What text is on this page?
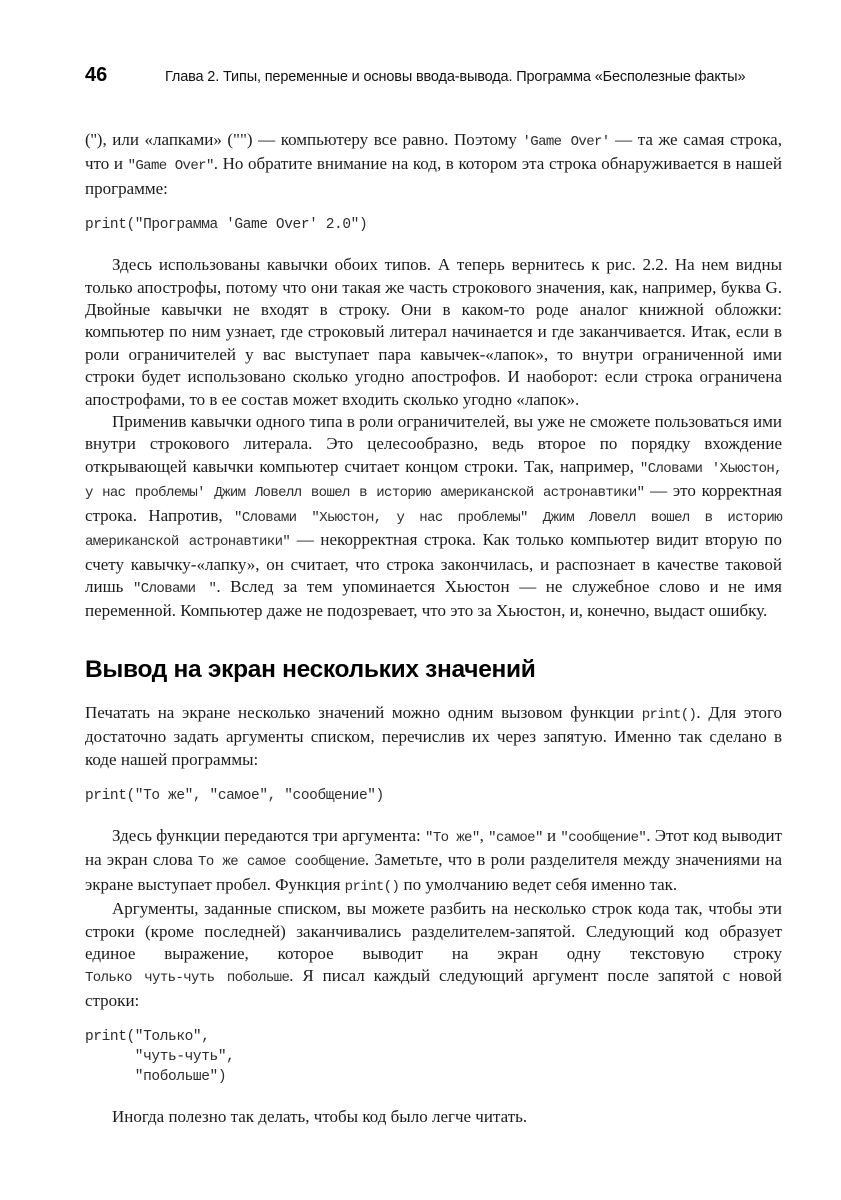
46	Глава 2. Типы, переменные и основы ввода-вывода. Программа «Бесполезные факты»

(''), или «лапками» ("") — компьютеру все равно. Поэтому 'Game Over' — та же самая строка, что и "Game Over". Но обратите внимание на код, в котором эта строка обнаруживается в нашей программе:

print("Программа 'Game Over' 2.0")

Здесь использованы кавычки обоих типов. А теперь вернитесь к рис. 2.2. На нем видны только апострофы, потому что они такая же часть строкового значения, как, например, буква G. Двойные кавычки не входят в строку. Они в каком-то роде аналог книжной обложки: компьютер по ним узнает, где строковый литерал начинается и где заканчивается. Итак, если в роли ограничителей у вас выступает пара кавычек-«лапок», то внутри ограниченной ими строки будет использовано сколько угодно апострофов. И наоборот: если строка ограничена апострофами, то в ее состав может входить сколько угодно «лапок».

Применив кавычки одного типа в роли ограничителей, вы уже не сможете пользоваться ими внутри строкового литерала. Это целесообразно, ведь второе по порядку вхождение открывающей кавычки компьютер считает концом строки. Так, например, "Словами 'Хьюстон, у нас проблемы' Джим Ловелл вошел в историю американской астронавтики" — это корректная строка. Напротив, "Словами "Хьюстон, у нас проблемы" Джим Ловелл вошел в историю американской астронавтики" — некорректная строка. Как только компьютер видит вторую по счету кавычку-«лапку», он считает, что строка закончилась, и распознает в качестве таковой лишь "Словами ". Вслед за тем упоминается Хьюстон — не служебное слово и не имя переменной. Компьютер даже не подозревает, что это за Хьюстон, и, конечно, выдаст ошибку.

Вывод на экран нескольких значений

Печатать на экране несколько значений можно одним вызовом функции print(). Для этого достаточно задать аргументы списком, перечислив их через запятую. Именно так сделано в коде нашей программы:

print("То же", "самое", "сообщение")

Здесь функции передаются три аргумента: "То же", "самое" и "сообщение". Этот код выводит на экран слова То же самое сообщение. Заметьте, что в роли разделителя между значениями на экране выступает пробел. Функция print() по умолчанию ведет себя именно так.

Аргументы, заданные списком, вы можете разбить на несколько строк кода так, чтобы эти строки (кроме последней) заканчивались разделителем-запятой. Следующий код образует единое выражение, которое выводит на экран одну текстовую строку Только чуть-чуть побольше. Я писал каждый следующий аргумент после запятой с новой строки:

print("Только",
"чуть-чуть",
"побольше")

Иногда полезно так делать, чтобы код было легче читать.
